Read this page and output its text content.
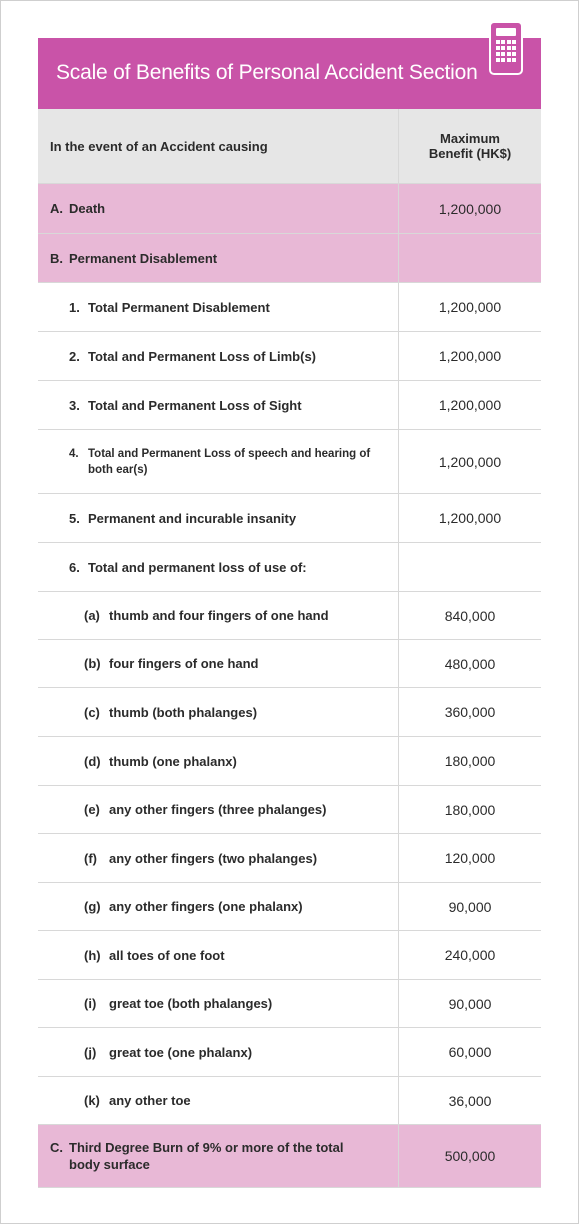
Scale of Benefits of Personal Accident Section
In the event of an Accident causing	Maximum
Benefit (HK$)

A. Death	1,200,000

B. Permanent Disablement	

1. Total Permanent Disablement	1,200,000

2. Total and Permanent Loss of Limb(s)	1,200,000

3. Total and Permanent Loss of Sight	1,200,000

4. Total and Permanent Loss of speech and hearing of both ear(s)	1,200,000

5. Permanent and incurable insanity	1,200,000

6. Total and permanent loss of use of:	

(a) thumb and four fingers of one hand	840,000

(b) four fingers of one hand	480,000

(c) thumb (both phalanges)	360,000

(d) thumb (one phalanx)	180,000

(e) any other fingers (three phalanges)	180,000

(f) any other fingers (two phalanges)	120,000

(g) any other fingers (one phalanx)	90,000

(h) all toes of one foot	240,000

(i) great toe (both phalanges)	90,000

(j) great toe (one phalanx)	60,000

(k) any other toe	36,000

C. Third Degree Burn of 9% or more of the total body surface	500,000
